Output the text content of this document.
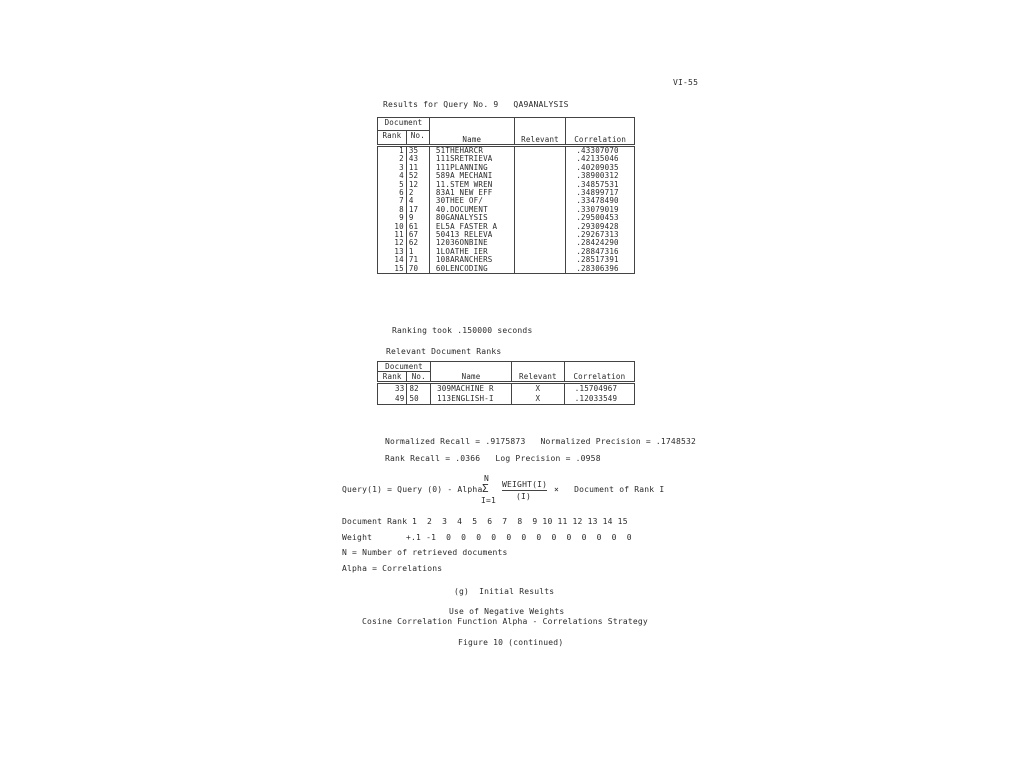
VI-55
Results for Query No. 9   QA9ANALYSIS
Document		Name	Relevant	Correlation
Rank	No.			
1	35	51THEHARCR		.43307070
2	43	111SRETRIEVA		.42135046
3	11	111PLANNING		.40209035
4	52	589A MECHANI		.38900312
5	12	11.STEM WREN		.34857531
6	2	83A1 NEW EFF		.34899717
7	4	30THEE OF/		.33478490
8	17	40.DOCUMENT		.33079019
9	9	80GANALYSIS		.29500453
10	61	EL5A FASTER A		.29309428
11	67	50413 RELEVA		.29267313
12	62	12036ONBINE		.28424290
13	1	1LOATHE IER		.28847316
14	71	108ARANCHERS		.28517391
15	70	60LENCODING		.28306396
Ranking took .150000 seconds
Relevant Document Ranks
Document		Name	Relevant	Correlation
Rank	No.			
33	82	309MACHINE R	X	.15704967
49	50	113ENGLISH-I	X	.12033549
Normalized Recall = .9175873   Normalized Precision = .1748532
Rank Recall = .0366   Log Precision = .0958
Query(1) = Query (0) - Alpha
N
Σ
I=1
WEIGHT(I)
(I)
×   Document of Rank I
Document Rank 1  2  3  4  5  6  7  8  9 10 11 12 13 14 15
Weight	+.1 -1  0  0  0  0  0  0  0  0  0  0  0  0  0
N = Number of retrieved documents
Alpha = Correlations
(g)  Initial Results
Use of Negative Weights
Cosine Correlation Function Alpha - Correlations Strategy
Figure 10 (continued)
